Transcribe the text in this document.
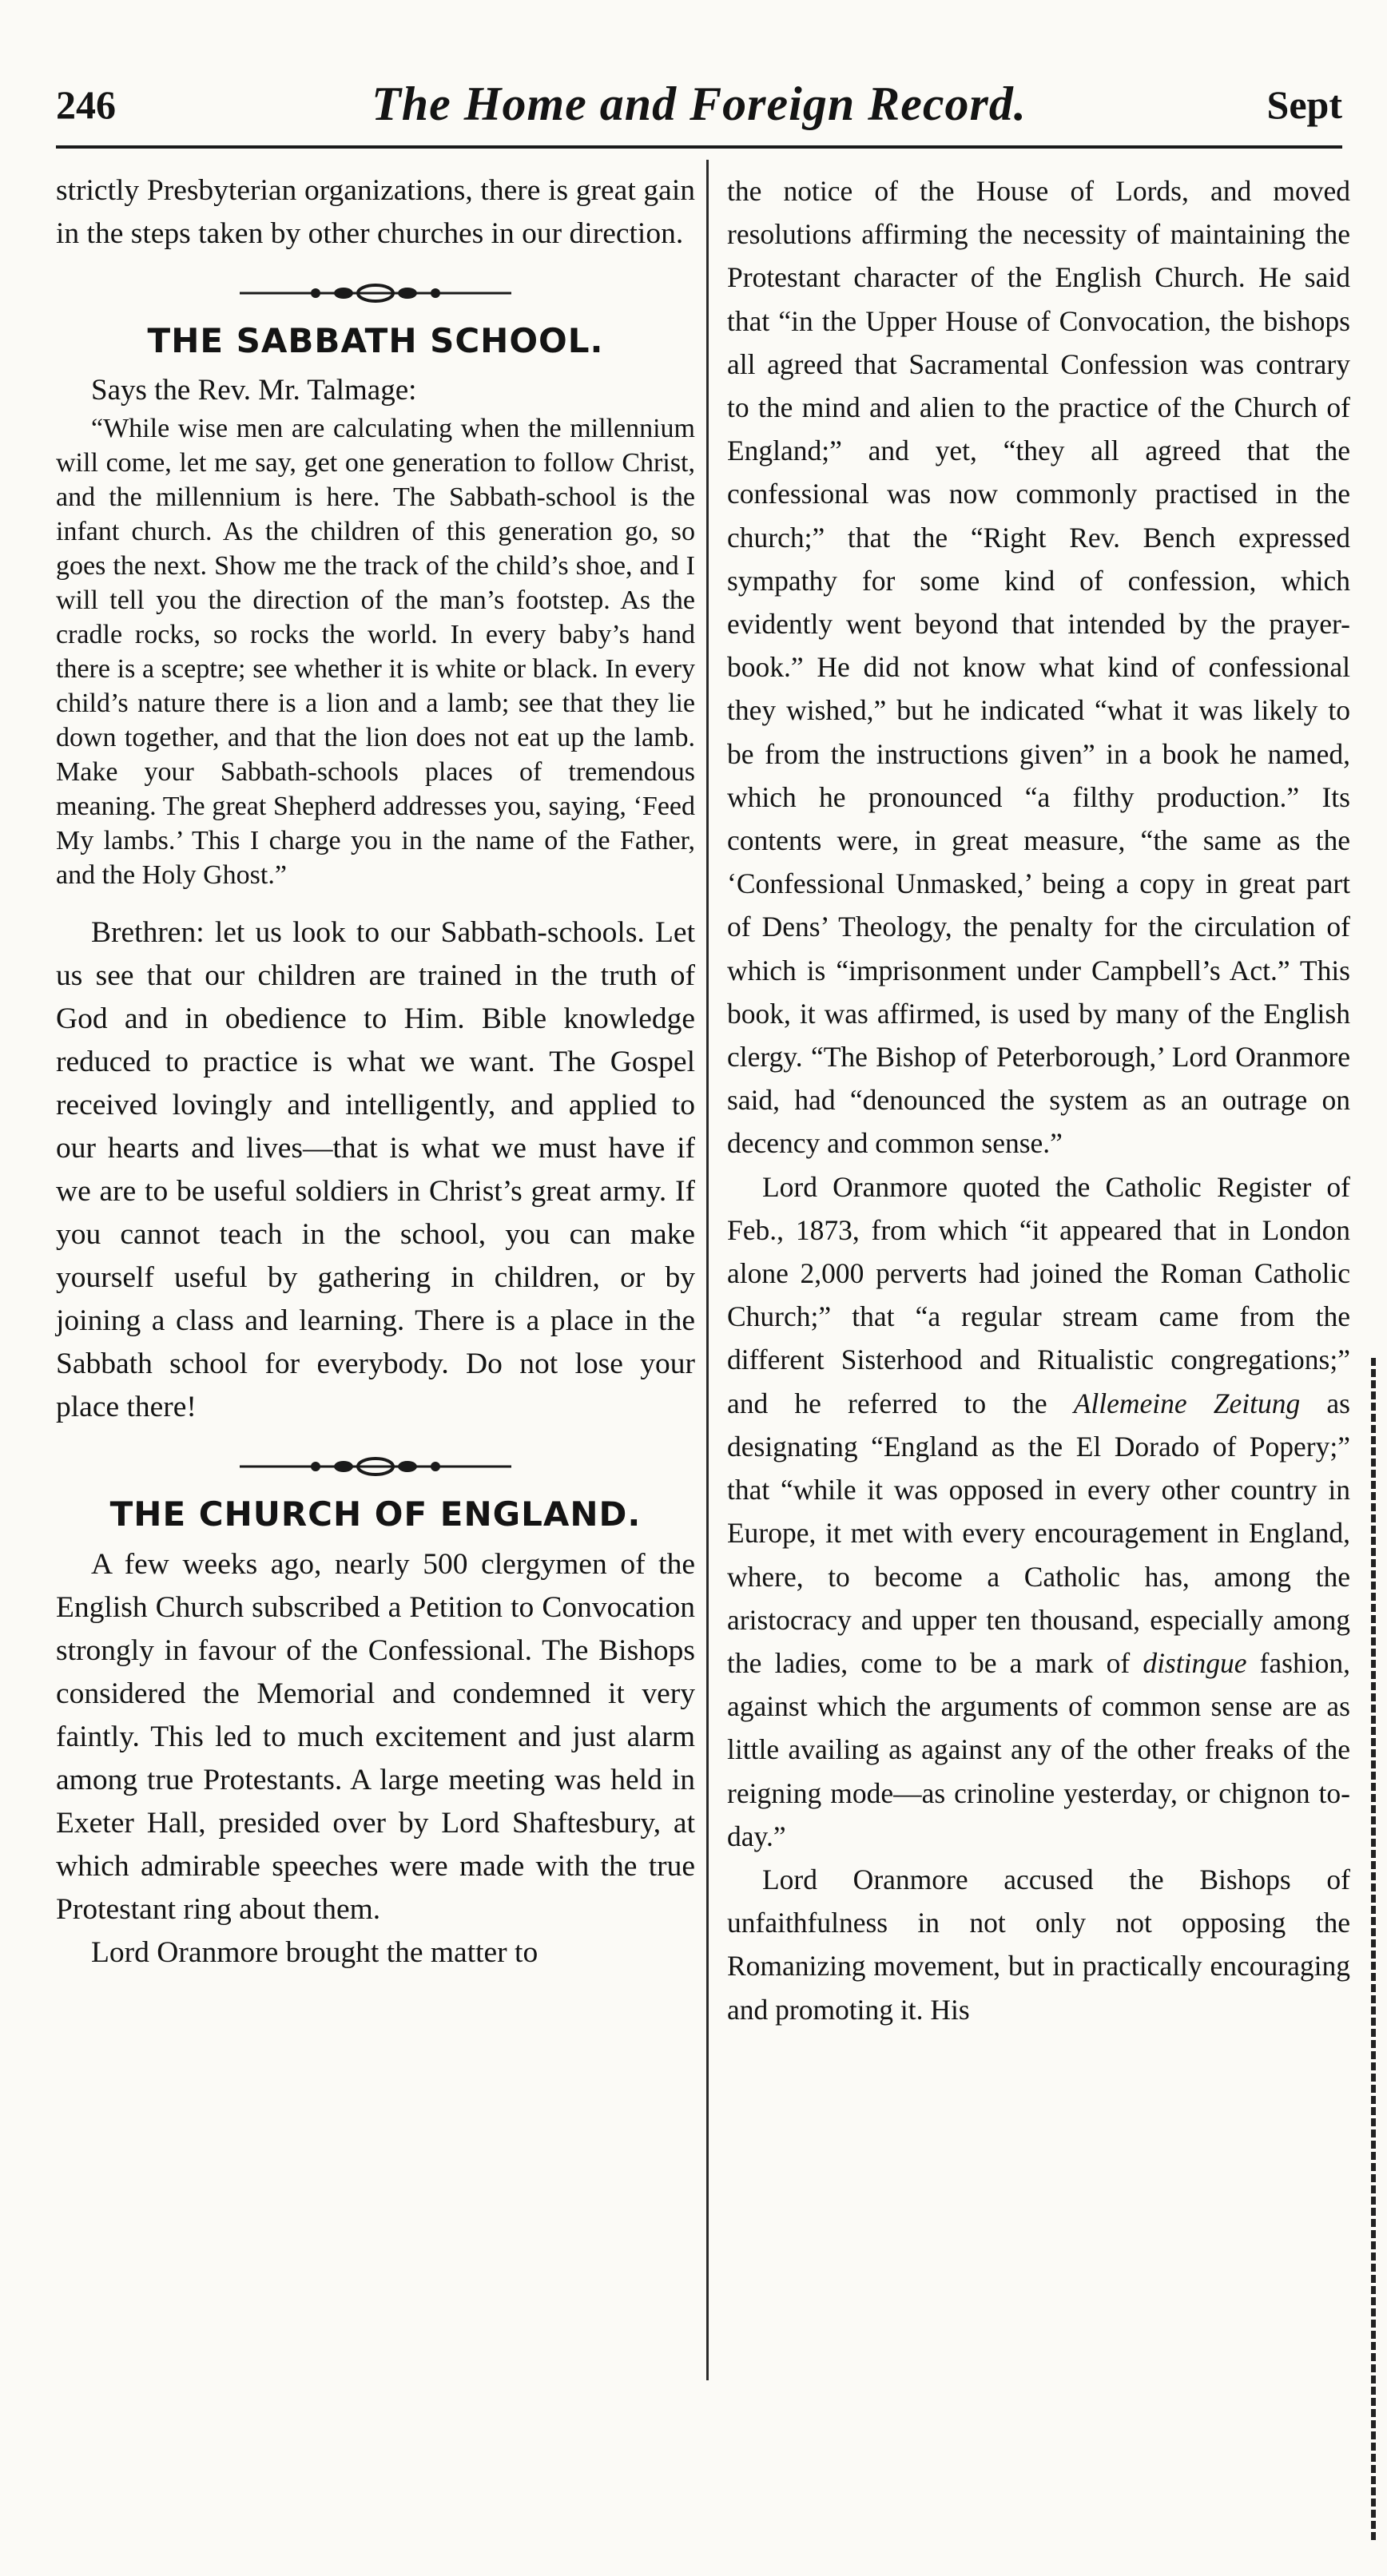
246	The Home and Foreign Record.	Sept

strictly Presbyterian organizations, there is great gain in the steps taken by other churches in our direction.

THE SABBATH SCHOOL.

Says the Rev. Mr. Talmage:

“While wise men are calculating when the millennium will come, let me say, get one generation to follow Christ, and the millennium is here. The Sabbath-school is the infant church. As the children of this generation go, so goes the next. Show me the track of the child’s shoe, and I will tell you the direction of the man’s footstep. As the cradle rocks, so rocks the world. In every baby’s hand there is a sceptre; see whether it is white or black. In every child’s nature there is a lion and a lamb; see that they lie down together, and that the lion does not eat up the lamb. Make your Sabbath-schools places of tremendous meaning. The great Shepherd addresses you, saying, ‘Feed My lambs.’ This I charge you in the name of the Father, and the Holy Ghost.”

Brethren: let us look to our Sabbath-schools. Let us see that our children are trained in the truth of God and in obedience to Him. Bible knowledge reduced to practice is what we want. The Gospel received lovingly and intelligently, and applied to our hearts and lives—that is what we must have if we are to be useful soldiers in Christ’s great army. If you cannot teach in the school, you can make yourself useful by gathering in children, or by joining a class and learning. There is a place in the Sabbath school for everybody. Do not lose your place there!

THE CHURCH OF ENGLAND.

A few weeks ago, nearly 500 clergymen of the English Church subscribed a Petition to Convocation strongly in favour of the Confessional. The Bishops considered the Memorial and condemned it very faintly. This led to much excitement and just alarm among true Protestants. A large meeting was held in Exeter Hall, presided over by Lord Shaftesbury, at which admirable speeches were made with the true Protestant ring about them.

Lord Oranmore brought the matter to

the notice of the House of Lords, and moved resolutions affirming the necessity of maintaining the Protestant character of the English Church. He said that “in the Upper House of Convocation, the bishops all agreed that Sacramental Confession was contrary to the mind and alien to the practice of the Church of England;” and yet, “they all agreed that the confessional was now commonly practised in the church;” that the “Right Rev. Bench expressed sympathy for some kind of confession, which evidently went beyond that intended by the prayer-book.” He did not know what kind of confessional they wished,” but he indicated “what it was likely to be from the instructions given” in a book he named, which he pronounced “a filthy production.” Its contents were, in great measure, “the same as the ‘Confessional Unmasked,’ being a copy in great part of Dens’ Theology, the penalty for the circulation of which is “imprisonment under Campbell’s Act.” This book, it was affirmed, is used by many of the English clergy. “The Bishop of Peterborough,’ Lord Oranmore said, had “denounced the system as an outrage on decency and common sense.”

Lord Oranmore quoted the Catholic Register of Feb., 1873, from which “it appeared that in London alone 2,000 perverts had joined the Roman Catholic Church;” that “a regular stream came from the different Sisterhood and Ritualistic congregations;” and he referred to the Allemeine Zeitung as designating “England as the El Dorado of Popery;” that “while it was opposed in every other country in Europe, it met with every encouragement in England, where, to become a Catholic has, among the aristocracy and upper ten thousand, especially among the ladies, come to be a mark of distingue fashion, against which the arguments of common sense are as little availing as against any of the other freaks of the reigning mode—as crinoline yesterday, or chignon to-day.”

Lord Oranmore accused the Bishops of unfaithfulness in not only not opposing the Romanizing movement, but in practically encouraging and promoting it. His
